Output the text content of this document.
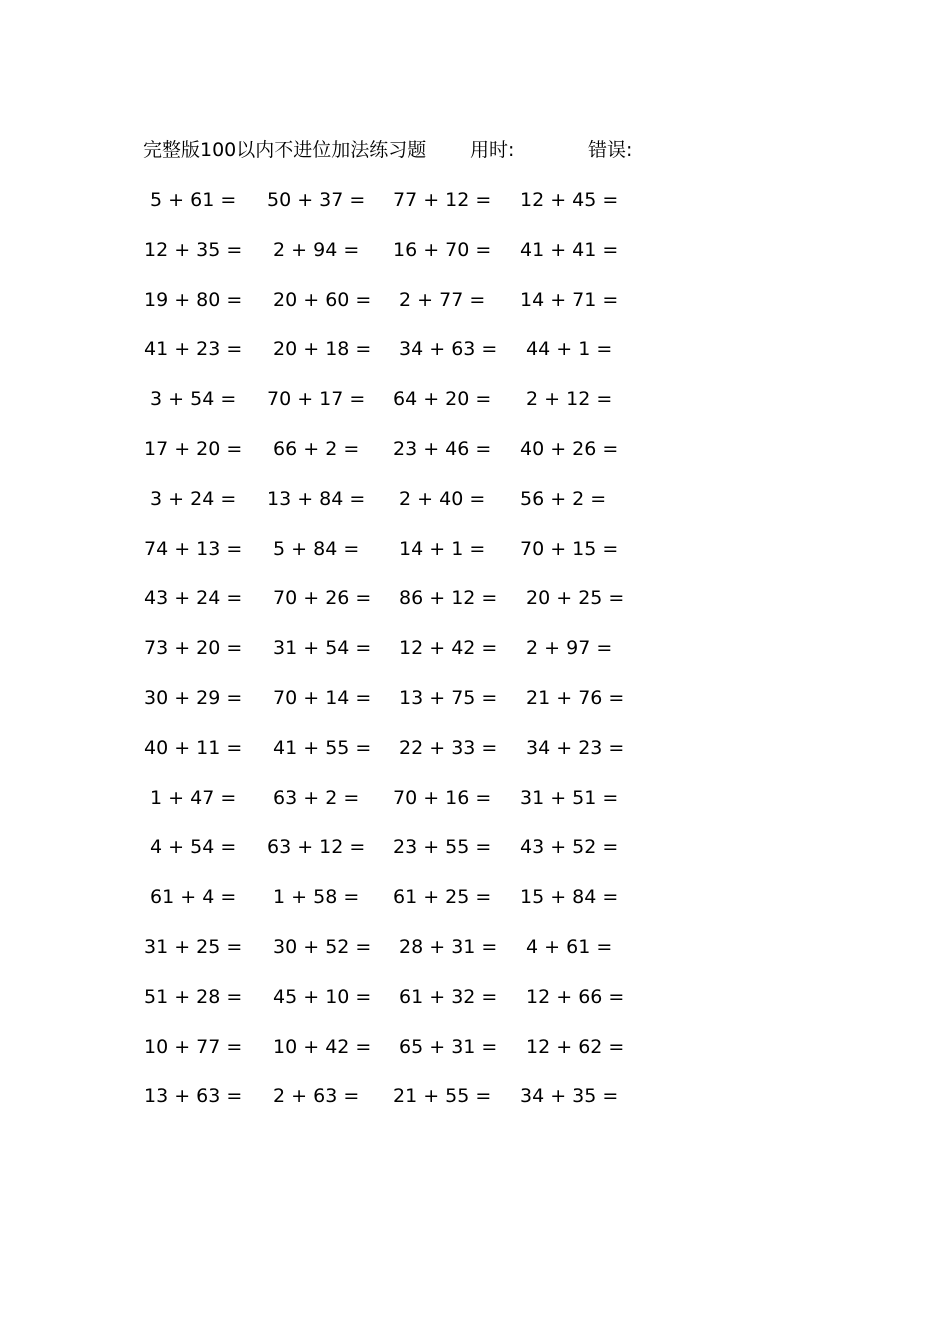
完整版100以内不进位加法练习题 用时:	错误:
5 + 61 = 50 + 37 = 77 + 12 = 12 + 45 =
12 + 35 = 2 + 94 = 16 + 70 = 41 + 41 =
19 + 80 = 20 + 60 = 2 + 77 = 14 + 71 =
41 + 23 = 20 + 18 = 34 + 63 = 44 + 1 =
3 + 54 = 70 + 17 = 64 + 20 = 2 + 12 =
17 + 20 = 66 + 2 = 23 + 46 = 40 + 26 =
3 + 24 = 13 + 84 = 2 + 40 = 56 + 2 =
74 + 13 = 5 + 84 = 14 + 1 = 70 + 15 =
43 + 24 = 70 + 26 = 86 + 12 = 20 + 25 =
73 + 20 = 31 + 54 = 12 + 42 = 2 + 97 =
30 + 29 = 70 + 14 = 13 + 75 = 21 + 76 =
40 + 11 = 41 + 55 = 22 + 33 = 34 + 23 =
1 + 47 = 63 + 2 = 70 + 16 = 31 + 51 =
4 + 54 = 63 + 12 = 23 + 55 = 43 + 52 =
61 + 4 = 1 + 58 = 61 + 25 = 15 + 84 =
31 + 25 = 30 + 52 = 28 + 31 = 4 + 61 =
51 + 28 = 45 + 10 = 61 + 32 = 12 + 66 =
10 + 77 = 10 + 42 = 65 + 31 = 12 + 62 =
13 + 63 = 2 + 63 = 21 + 55 = 34 + 35 =
